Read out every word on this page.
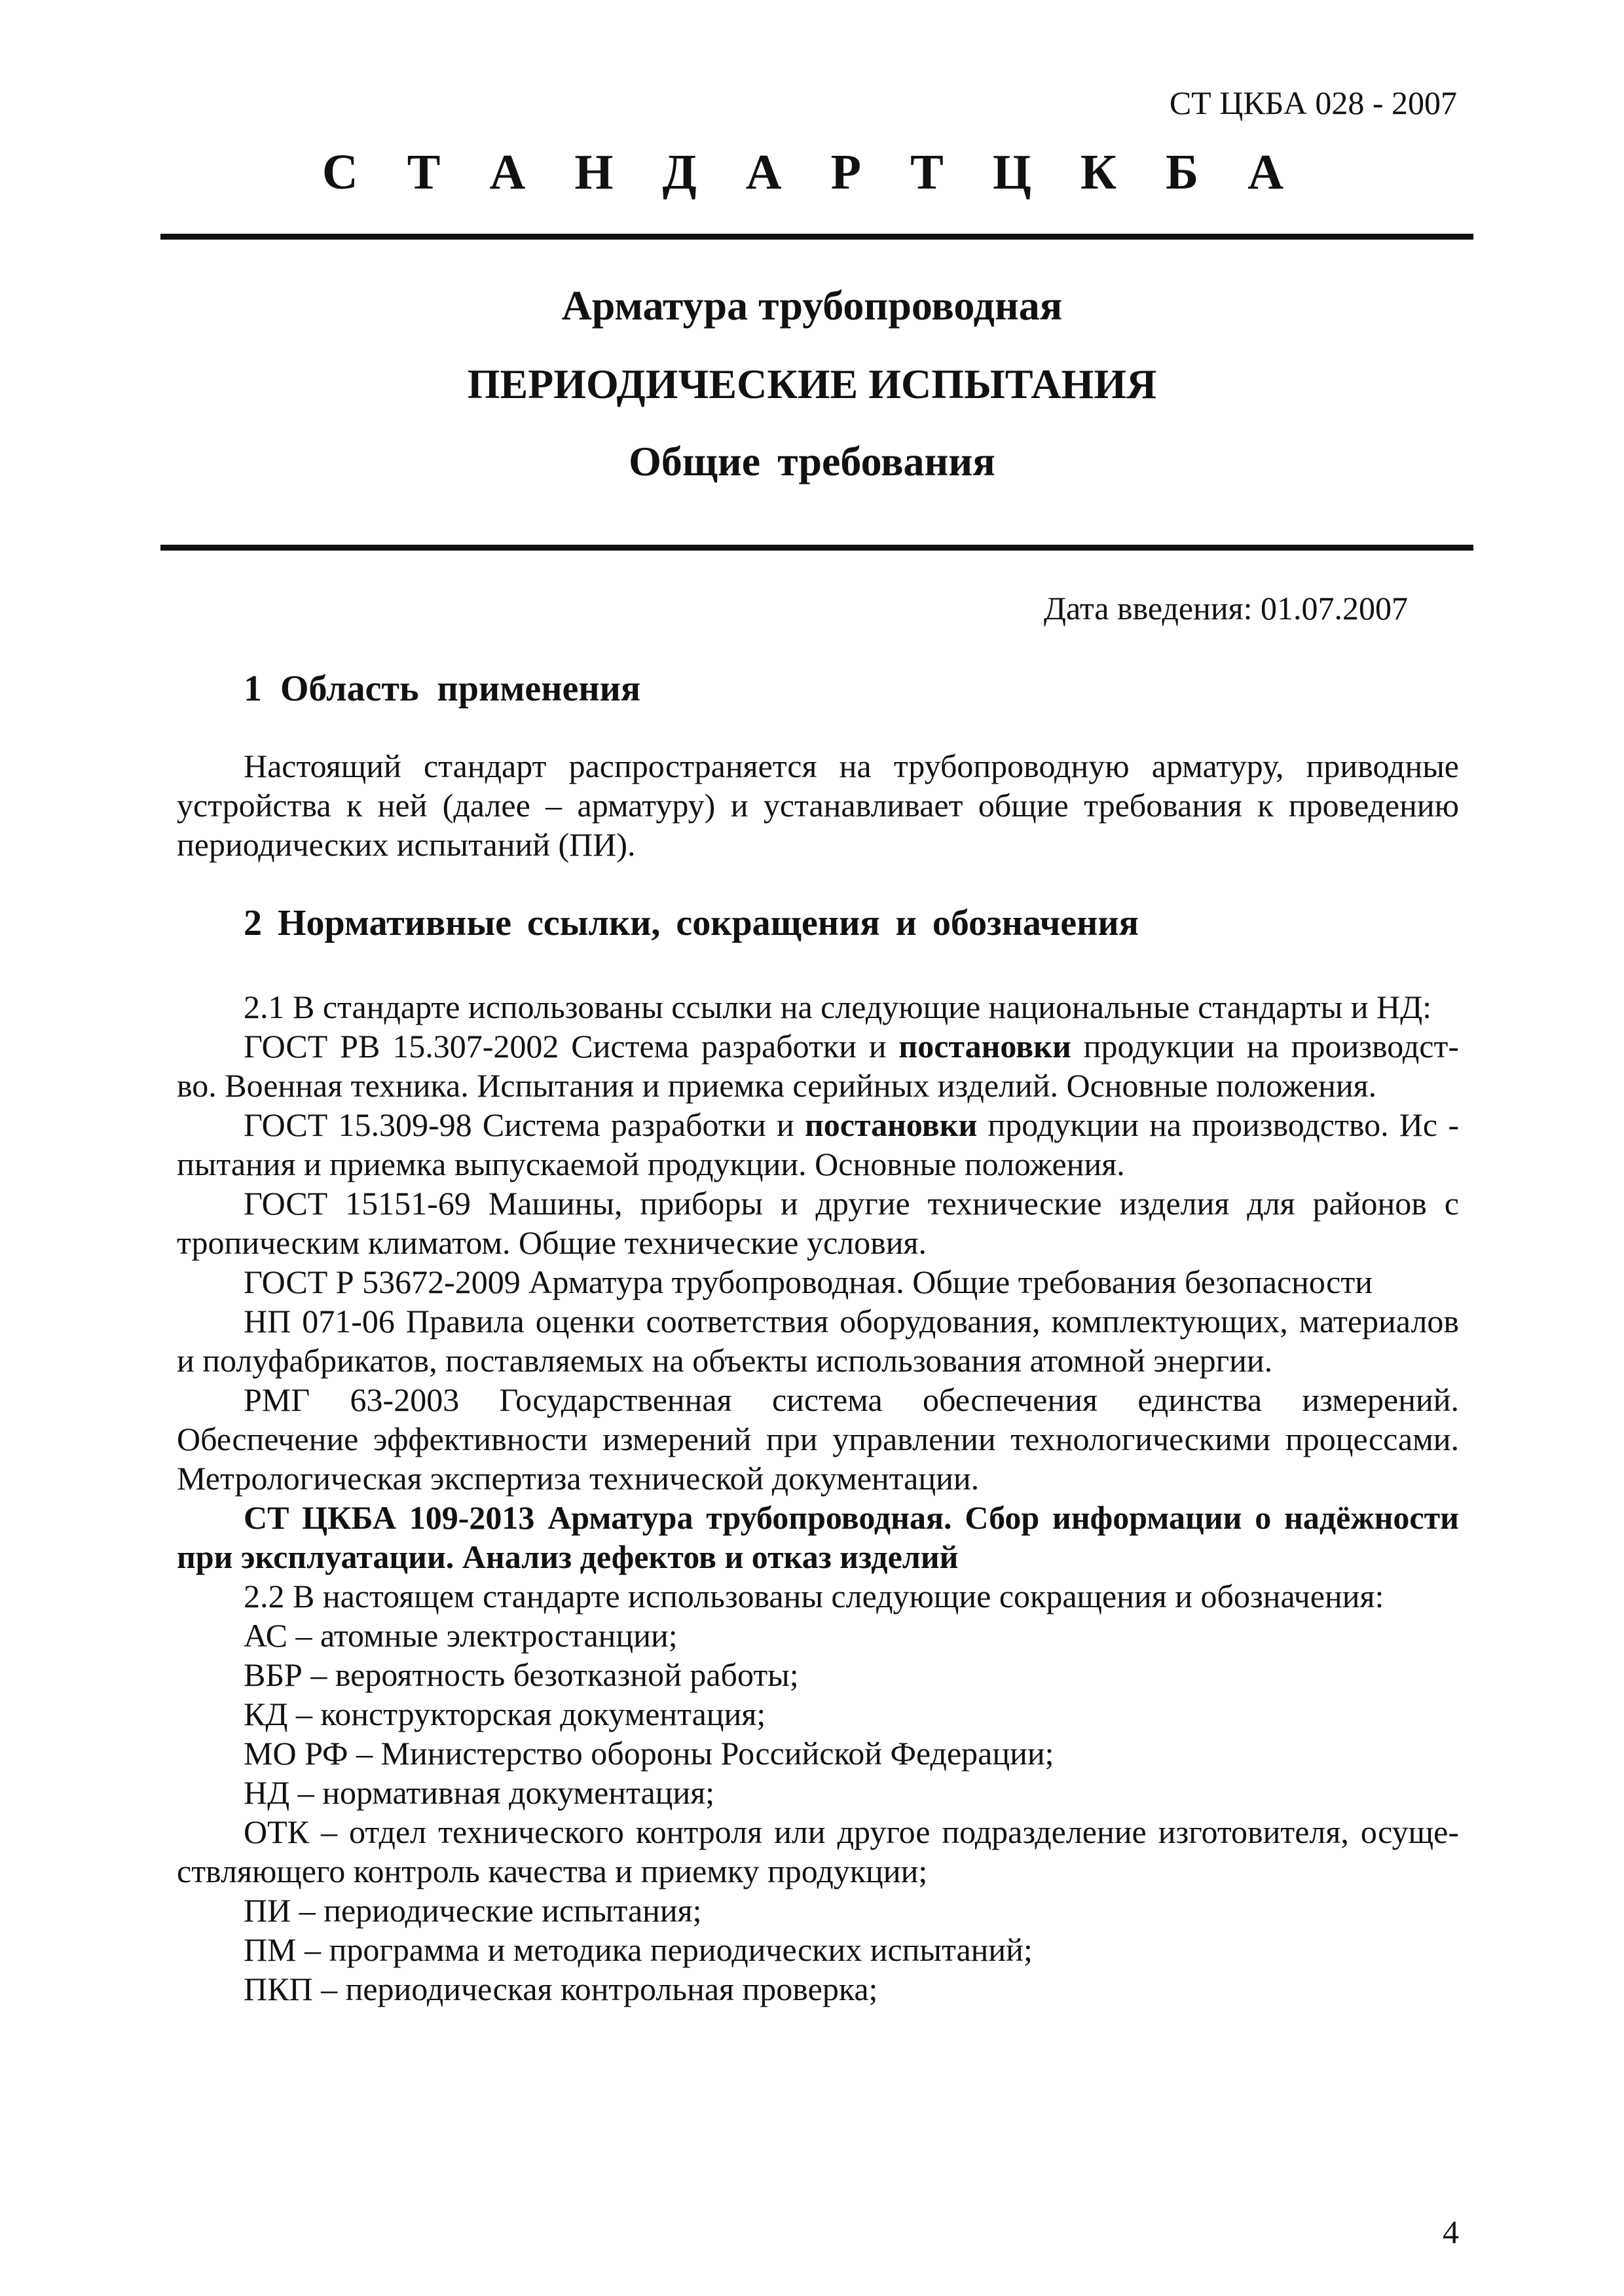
СТ ЦКБА 028 - 2007
С Т А Н Д А Р Т Ц К Б А
Арматура трубопроводная
ПЕРИОДИЧЕСКИЕ ИСПЫТАНИЯ
Общие требования
Дата введения: 01.07.2007
1 Область применения
Настоящий стандарт распространяется на трубопроводную арматуру, приводные
устройства к ней (далее – арматуру) и устанавливает общие требования к проведению
периодических испытаний (ПИ).
2 Нормативные ссылки, сокращения и обозначения
2.1 В стандарте использованы ссылки на следующие национальные стандарты и НД:
ГОСТ РВ 15.307-2002 Система разработки и постановки продукции на производст-
во. Военная техника. Испытания и приемка серийных изделий. Основные положения.
ГОСТ 15.309-98 Система разработки и постановки продукции на производство. Ис -
пытания и приемка выпускаемой продукции. Основные положения.
ГОСТ 15151-69 Машины, приборы и другие технические изделия для районов с
тропическим климатом. Общие технические условия.
ГОСТ Р 53672-2009 Арматура трубопроводная. Общие требования безопасности
НП 071-06 Правила оценки соответствия оборудования, комплектующих, материалов
и полуфабрикатов, поставляемых на объекты использования атомной энергии.
РМГ 63-2003 Государственная система обеспечения единства измерений.
Обеспечение эффективности измерений при управлении технологическими процессами.
Метрологическая экспертиза технической документации.
СТ ЦКБА 109-2013 Арматура трубопроводная. Сбор информации о надёжности
при эксплуатации. Анализ дефектов и отказ изделий
2.2 В настоящем стандарте использованы следующие сокращения и обозначения:
АС – атомные электростанции;
ВБР – вероятность безотказной работы;
КД – конструкторская документация;
МО РФ – Министерство обороны Российской Федерации;
НД – нормативная документация;
ОТК – отдел технического контроля или другое подразделение изготовителя, осуще-
ствляющего контроль качества и приемку продукции;
ПИ – периодические испытания;
ПМ – программа и методика периодических испытаний;
ПКП – периодическая контрольная проверка;
4
